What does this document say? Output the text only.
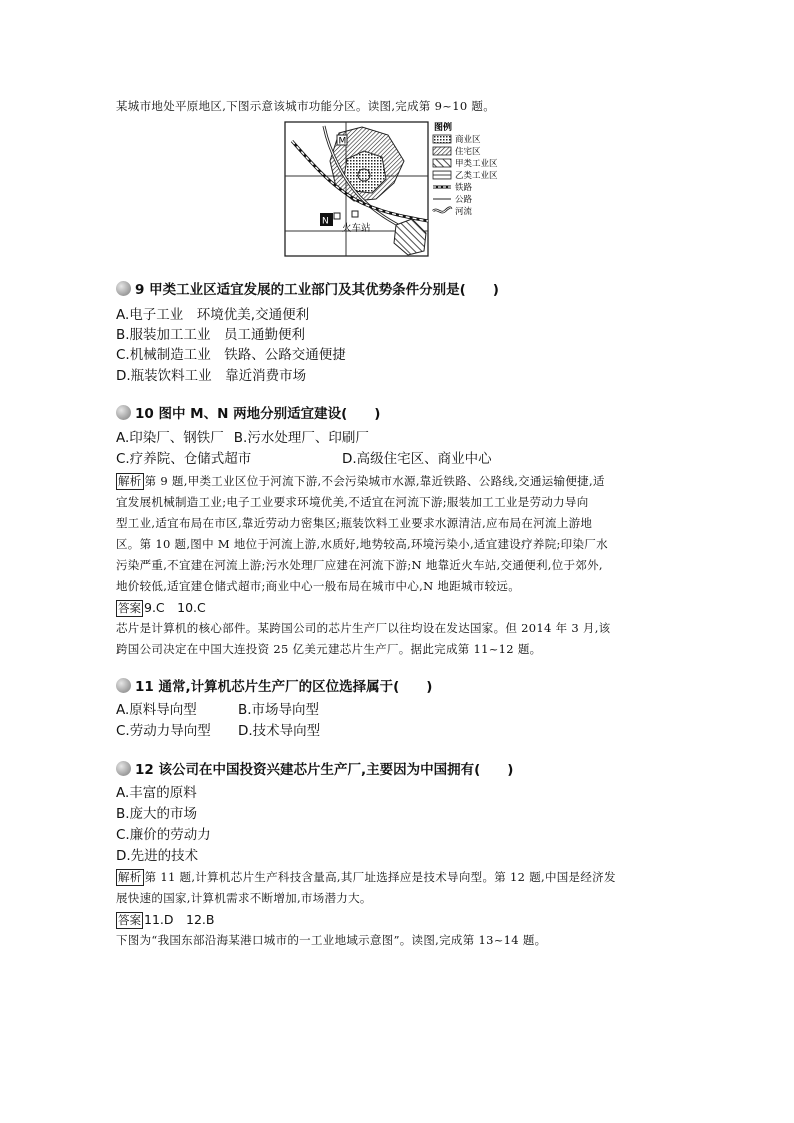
某城市地处平原地区,下图示意该城市功能分区。读图,完成第 9~10 题。
M
N
火车站
图例
商业区
住宅区
甲类工业区
乙类工业区
铁路
公路
河流
9 甲类工业区适宜发展的工业部门及其优势条件分别是(　　)
A.电子工业　环境优美,交通便利
B.服装加工工业　员工通勤便利
C.机械制造工业　铁路、公路交通便捷
D.瓶装饮料工业　靠近消费市场
10 图中 M、N 两地分别适宜建设(　　)
A.印染厂、钢铁厂 B.污水处理厂、印刷厂
C.疗养院、仓储式超市	D.高级住宅区、商业中心
解析 第 9 题,甲类工业区位于河流下游,不会污染城市水源,靠近铁路、公路线,交通运输便捷,适
宜发展机械制造工业;电子工业要求环境优美,不适宜在河流下游;服装加工工业是劳动力导向
型工业,适宜布局在市区,靠近劳动力密集区;瓶装饮料工业要求水源清洁,应布局在河流上游地
区。第 10 题,图中 M 地位于河流上游,水质好,地势较高,环境污染小,适宜建设疗养院;印染厂水
污染严重,不宜建在河流上游;污水处理厂应建在河流下游;N 地靠近火车站,交通便利,位于郊外,
地价较低,适宜建仓储式超市;商业中心一般布局在城市中心,N 地距城市较远。
答案 9.C　10.C
芯片是计算机的核心部件。某跨国公司的芯片生产厂以往均设在发达国家。但 2014 年 3 月,该
跨国公司决定在中国大连投资 25 亿美元建芯片生产厂。据此完成第 11~12 题。
11 通常,计算机芯片生产厂的区位选择属于(　　)
A.原料导向型	B.市场导向型
C.劳动力导向型 D.技术导向型
12 该公司在中国投资兴建芯片生产厂,主要因为中国拥有(　　)
A.丰富的原料
B.庞大的市场
C.廉价的劳动力
D.先进的技术
解析 第 11 题,计算机芯片生产科技含量高,其厂址选择应是技术导向型。第 12 题,中国是经济发
展快速的国家,计算机需求不断增加,市场潜力大。
答案 11.D　12.B
下图为“我国东部沿海某港口城市的一工业地域示意图”。读图,完成第 13~14 题。
